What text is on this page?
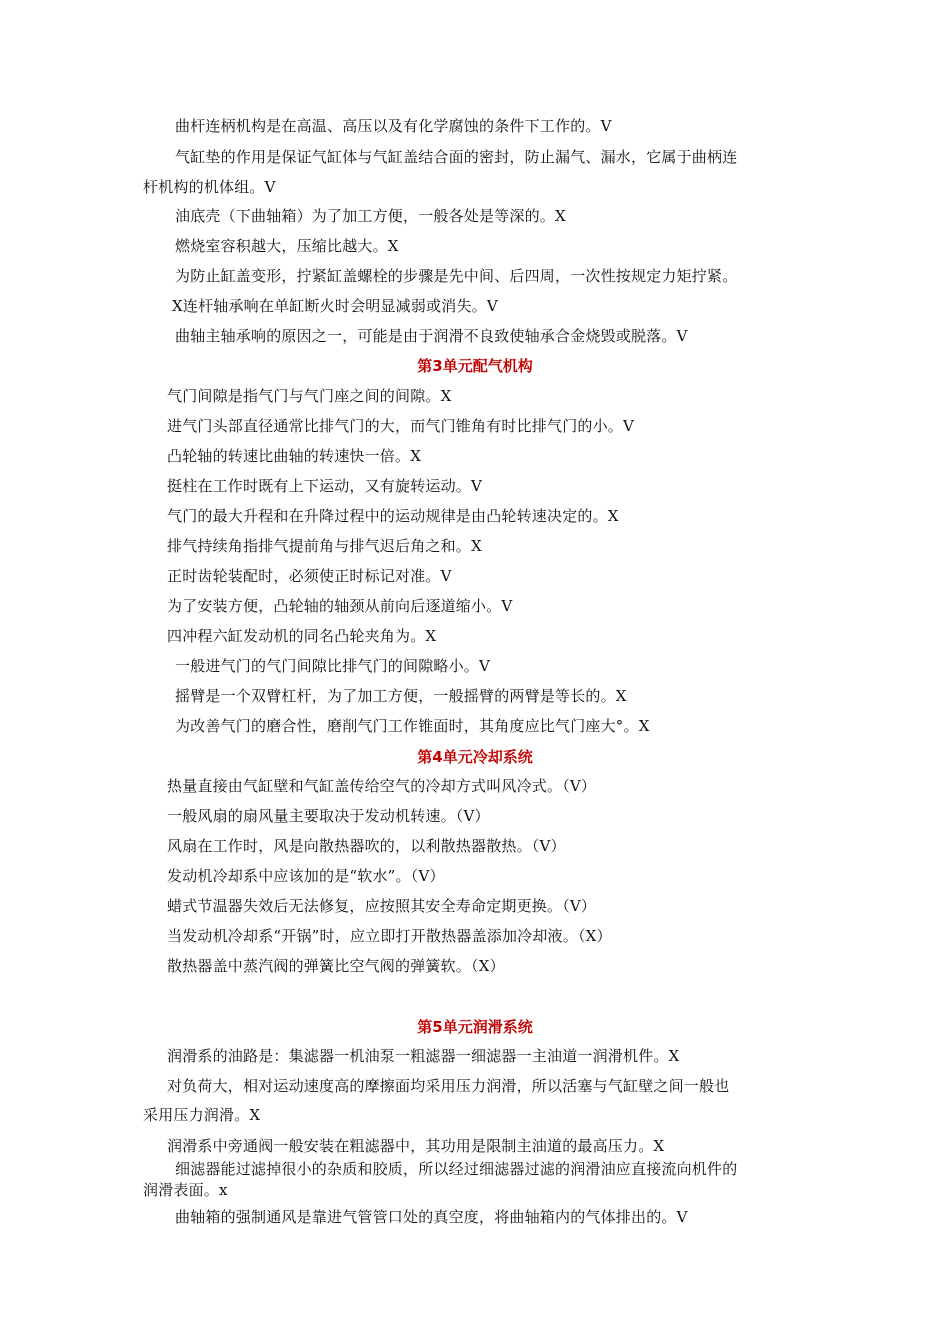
曲杆连柄机构是在高温、高压以及有化学腐蚀的条件下工作的。V
气缸垫的作用是保证气缸体与气缸盖结合面的密封，防止漏气、漏水，它属于曲柄连
杆机构的机体组。V
油底壳（下曲轴箱）为了加工方便，一般各处是等深的。X
燃烧室容积越大，压缩比越大。X
为防止缸盖变形，拧紧缸盖螺栓的步骤是先中间、后四周，一次性按规定力矩拧紧。
X连杆轴承响在单缸断火时会明显减弱或消失。V
曲轴主轴承响的原因之一，可能是由于润滑不良致使轴承合金烧毁或脱落。V
第3单元配气机构
气门间隙是指气门与气门座之间的间隙。X
进气门头部直径通常比排气门的大，而气门锥角有时比排气门的小。V
凸轮轴的转速比曲轴的转速快一倍。X
挺柱在工作时既有上下运动，又有旋转运动。V
气门的最大升程和在升降过程中的运动规律是由凸轮转速决定的。X
排气持续角指排气提前角与排气迟后角之和。X
正时齿轮装配时，必须使正时标记对准。V
为了安装方便，凸轮轴的轴颈从前向后逐道缩小。V
四冲程六缸发动机的同名凸轮夹角为。X
一般进气门的气门间隙比排气门的间隙略小。V
摇臂是一个双臂杠杆，为了加工方便，一般摇臂的两臂是等长的。X
为改善气门的磨合性，磨削气门工作锥面时，其角度应比气门座大°。X
第4单元冷却系统
热量直接由气缸壁和气缸盖传给空气的冷却方式叫风冷式。（V）
一般风扇的扇风量主要取决于发动机转速。（V）
风扇在工作时，风是向散热器吹的，以利散热器散热。（V）
发动机冷却系中应该加的是“软水”。（V）
蜡式节温器失效后无法修复，应按照其安全寿命定期更换。（V）
当发动机冷却系“开锅”时，应立即打开散热器盖添加冷却液。（X）
散热器盖中蒸汽阀的弹簧比空气阀的弹簧软。（X）
第5单元润滑系统
润滑系的油路是：集滤器一机油泵一粗滤器一细滤器一主油道一润滑机件。X
对负荷大，相对运动速度高的摩擦面均采用压力润滑，所以活塞与气缸壁之间一般也
采用压力润滑。X
润滑系中旁通阀一般安装在粗滤器中，其功用是限制主油道的最高压力。X
细滤器能过滤掉很小的杂质和胶质，所以经过细滤器过滤的润滑油应直接流向机件的
润滑表面。x
曲轴箱的强制通风是靠进气管管口处的真空度，将曲轴箱内的气体排出的。V
